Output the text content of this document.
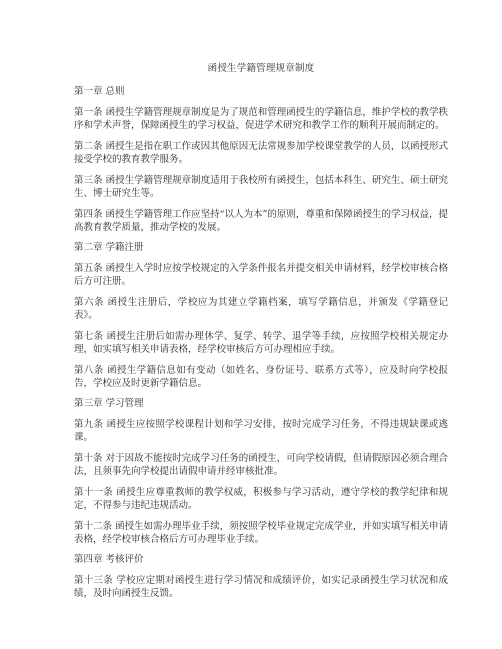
函授生学籍管理规章制度
第一章 总则
第一条 函授生学籍管理规章制度是为了规范和管理函授生的学籍信息，维护学校的教学秩序和学术声誉，保障函授生的学习权益，促进学术研究和教学工作的顺利开展而制定的。
第二条 函授生是指在职工作或因其他原因无法常规参加学校课堂教学的人员，以函授形式接受学校的教育教学服务。
第三条 函授生学籍管理规章制度适用于我校所有函授生，包括本科生、研究生、硕士研究生、博士研究生等。
第四条 函授生学籍管理工作应坚持“以人为本”的原则，尊重和保障函授生的学习权益，提高教育教学质量，推动学校的发展。
第二章 学籍注册
第五条 函授生入学时应按学校规定的入学条件报名并提交相关申请材料，经学校审核合格后方可注册。
第六条 函授生注册后，学校应为其建立学籍档案，填写学籍信息，并颁发《学籍登记表》。
第七条 函授生注册后如需办理休学、复学、转学、退学等手续，应按照学校相关规定办理，如实填写相关申请表格，经学校审核后方可办理相应手续。
第八条 函授生学籍信息如有变动（如姓名、身份证号、联系方式等），应及时向学校报告，学校应及时更新学籍信息。
第三章 学习管理
第九条 函授生应按照学校课程计划和学习安排，按时完成学习任务，不得违规缺课或逃课。
第十条 对于因故不能按时完成学习任务的函授生，可向学校请假，但请假原因必须合理合法，且须事先向学校提出请假申请并经审核批准。
第十一条 函授生应尊重教师的教学权威，积极参与学习活动，遵守学校的教学纪律和规定，不得参与违纪违规活动。
第十二条 函授生如需办理毕业手续，须按照学校毕业规定完成学业，并如实填写相关申请表格，经学校审核合格后方可办理毕业手续。
第四章 考核评价
第十三条 学校应定期对函授生进行学习情况和成绩评价，如实记录函授生学习状况和成绩，及时向函授生反馈。
